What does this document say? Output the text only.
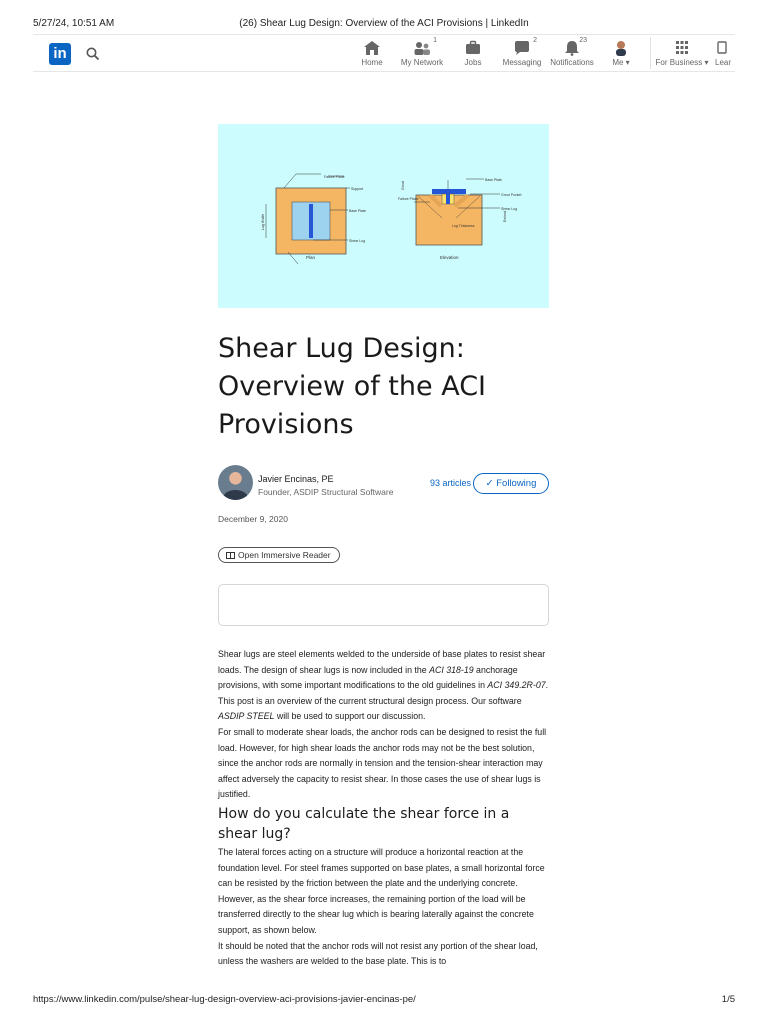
5/27/24, 10:51 AM	(26) Shear Lug Design: Overview of the ACI Provisions | LinkedIn
in
Home
1
My Network	Jobs
2
Messaging
23
Notifications	Me ▾	For Business ▾ Lear
Failure Plane
Support
Base Plate
Shear Lug
Lug Width
Plan
Base Plate
Grout Pocket
Shear Lug
Failure Plane
Lug Thickness
Grout
Embed
Elevation
Shear Lug Design: Overview of the ACI Provisions
Javier Encinas, PE
Founder, ASDIP Structural Software
93 articles	✓ Following
December 9, 2020
Open Immersive Reader

Shear lugs are steel elements welded to the underside of base plates to resist shear loads. The design of shear lugs is now included in the ACI 318-19 anchorage provisions, with some important modifications to the old guidelines in ACI 349.2R-07. This post is an overview of the current structural design process. Our software ASDIP STEEL will be used to support our discussion.

For small to moderate shear loads, the anchor rods can be designed to resist the full load. However, for high shear loads the anchor rods may not be the best solution, since the anchor rods are normally in tension and the tension-shear interaction may affect adversely the capacity to resist shear. In those cases the use of shear lugs is justified.

How do you calculate the shear force in a shear lug?

The lateral forces acting on a structure will produce a horizontal reaction at the foundation level. For steel frames supported on base plates, a small horizontal force can be resisted by the friction between the plate and the underlying concrete. However, as the shear force increases, the remaining portion of the load will be transferred directly to the shear lug which is bearing laterally against the concrete support, as shown below.

It should be noted that the anchor rods will not resist any portion of the shear load, unless the washers are welded to the base plate. This is to

https://www.linkedin.com/pulse/shear-lug-design-overview-aci-provisions-javier-encinas-pe/	1/5
